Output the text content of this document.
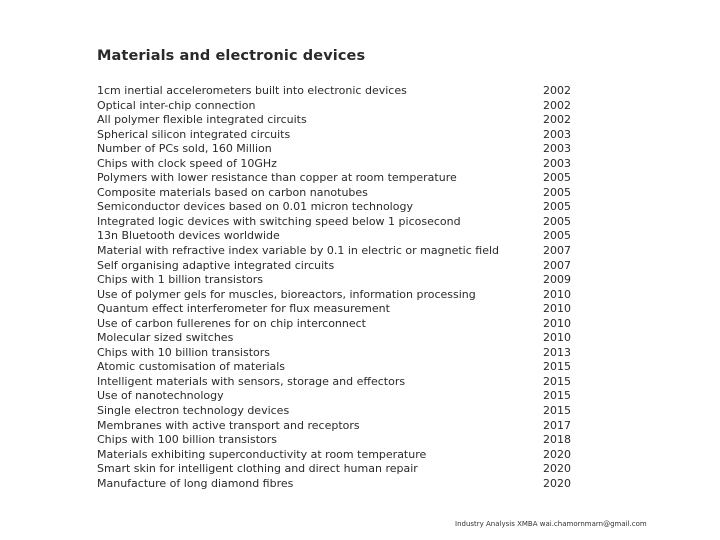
Materials and electronic devices
1cm inertial accelerometers built into electronic devices	2002
Optical inter-chip connection	2002
All polymer flexible integrated circuits	2002
Spherical silicon integrated circuits	2003
Number of PCs sold, 160 Million	2003
Chips with clock speed of 10GHz	2003
Polymers with lower resistance than copper at room temperature	2005
Composite materials based on carbon nanotubes	2005
Semiconductor devices based on 0.01 micron technology	2005
Integrated logic devices with switching speed below 1 picosecond	2005
13n Bluetooth devices worldwide	2005
Material with refractive index variable by 0.1 in electric or magnetic field	2007
Self organising adaptive integrated circuits	2007
Chips with 1 billion transistors	2009
Use of polymer gels for muscles, bioreactors, information processing	2010
Quantum effect interferometer for flux measurement	2010
Use of carbon fullerenes for on chip interconnect	2010
Molecular sized switches	2010
Chips with 10 billion transistors	2013
Atomic customisation of materials	2015
Intelligent materials with sensors, storage and effectors	2015
Use of nanotechnology	2015
Single electron technology devices	2015
Membranes with active transport and receptors	2017
Chips with 100 billion transistors	2018
Materials exhibiting superconductivity at room temperature	2020
Smart skin for intelligent clothing and direct human repair	2020
Manufacture of long diamond fibres	2020
Industry Analysis XMBA wai.chamornmarn@gmail.com
